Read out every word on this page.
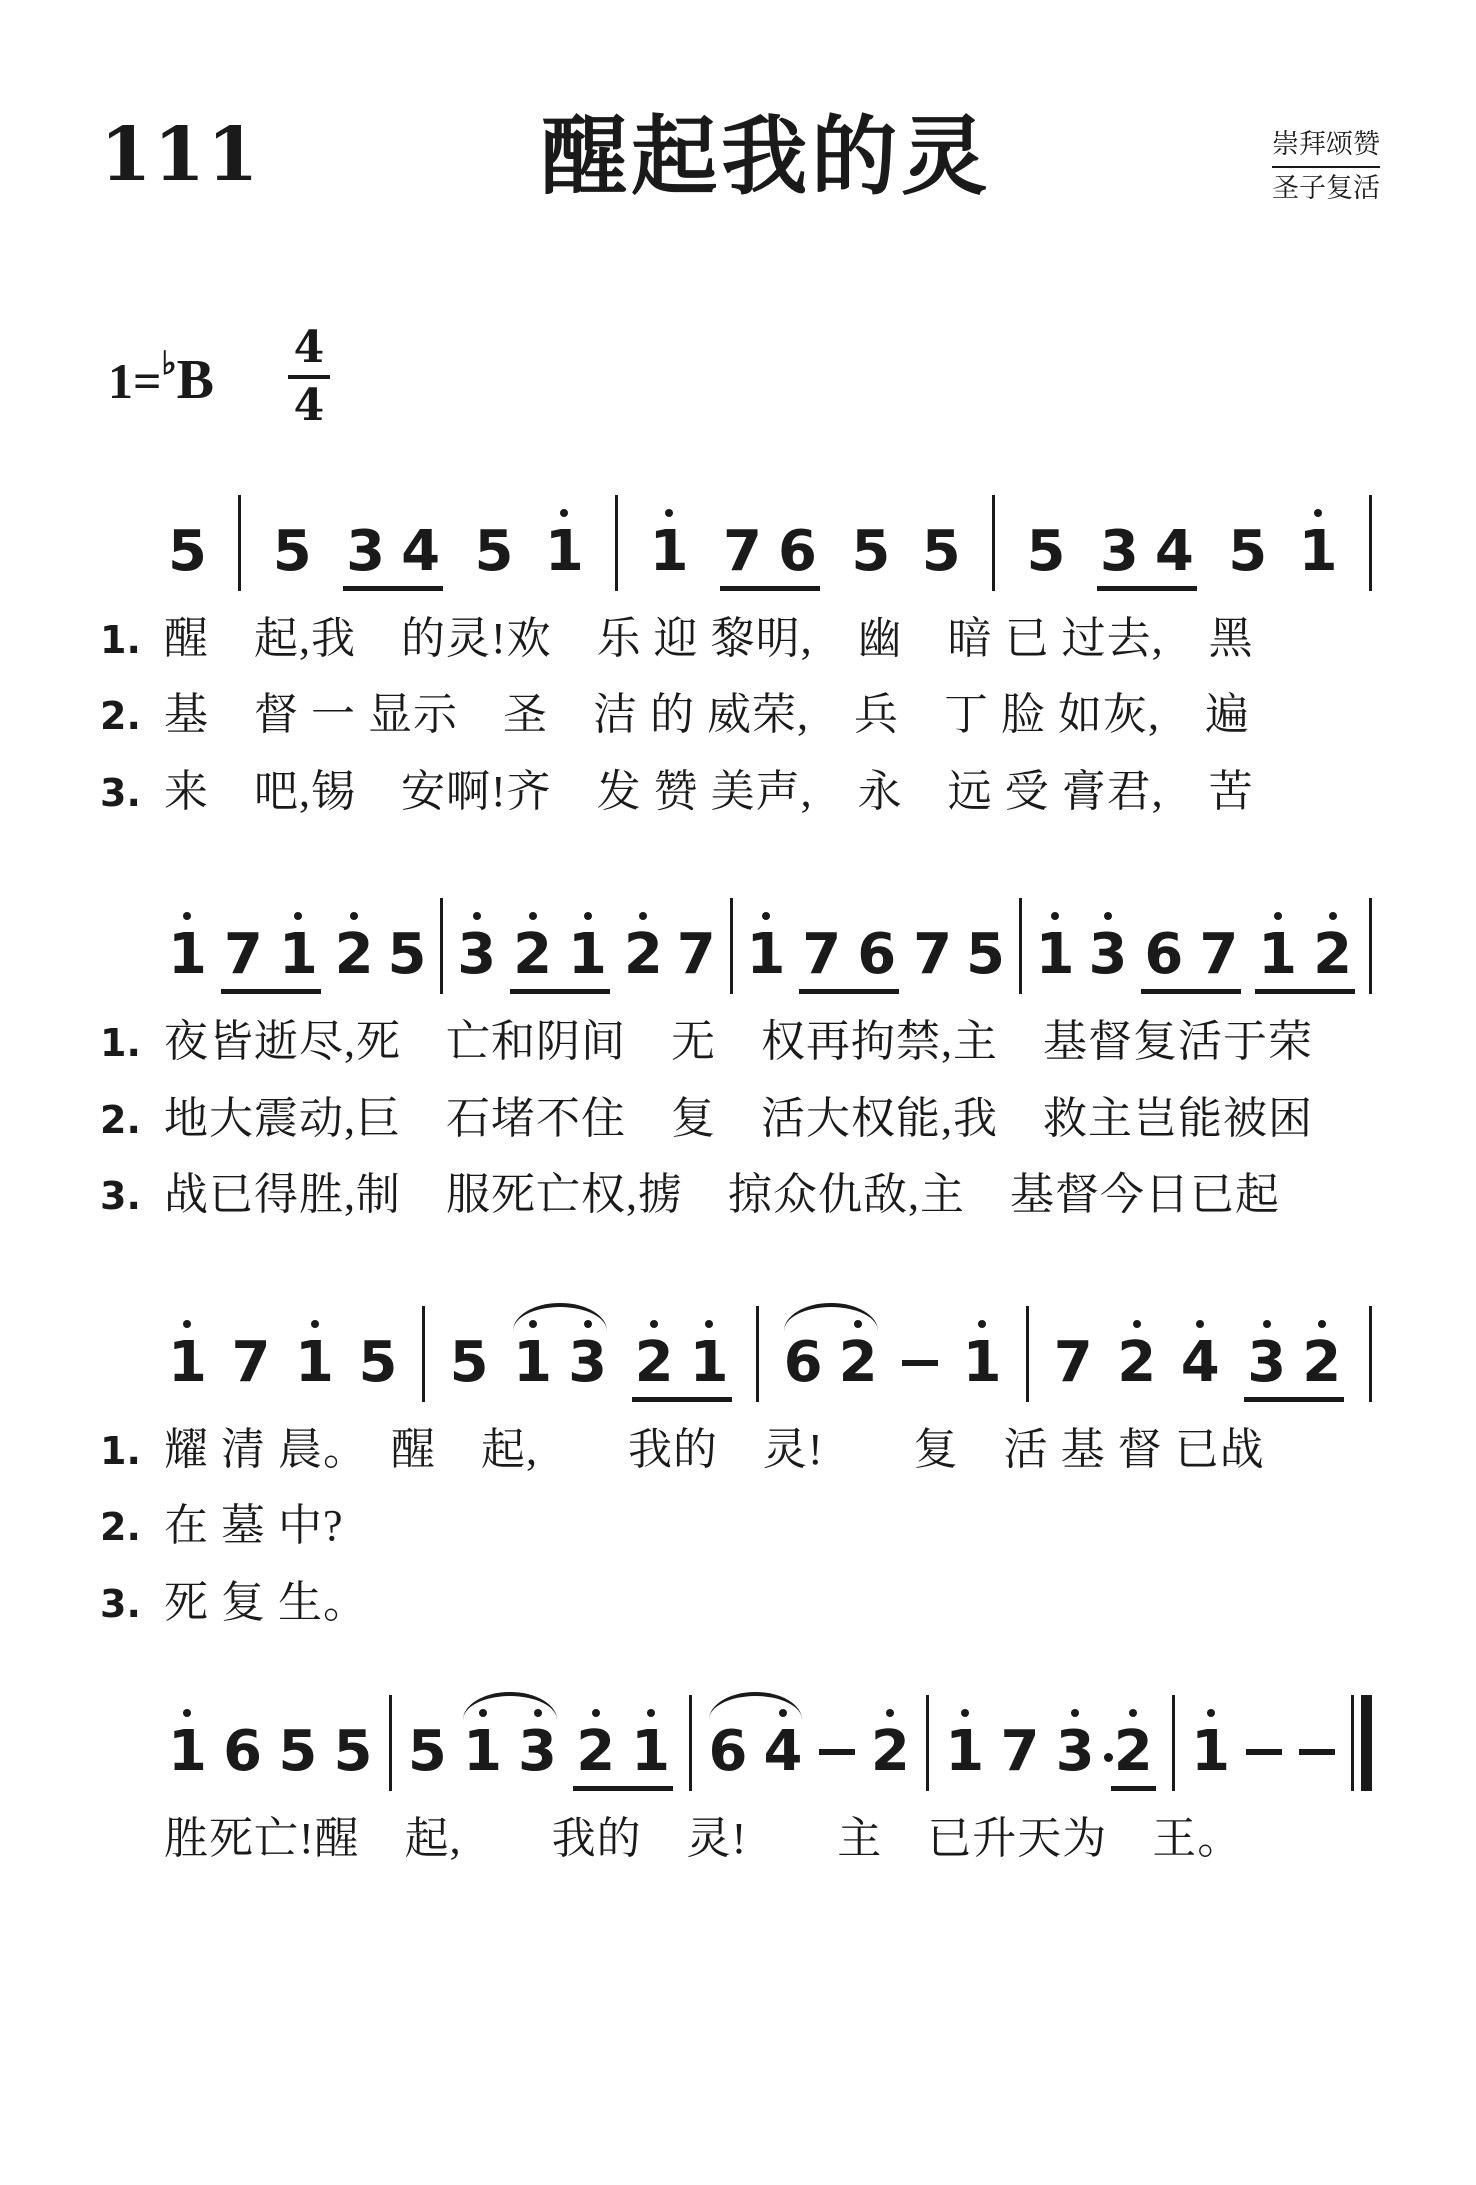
111	醒起我的灵	崇拜颂赞
圣子复活
1=♭B
4
4
5 5 3 4 5 1 1 7 6 5 5 5 3 4 5 1
1. 醒　起,我　的灵!欢　乐 迎 黎明,　幽　暗 已 过去,　黑
2. 基　督 一 显示　圣　洁 的 威荣,　兵　丁 脸 如灰,　遍
3. 来　吧,锡　安啊!齐　发 赞 美声,　永　远 受 膏君,　苦
1 7 1 2 5 3 2 1 2 7 1 7 6 7 5 1 3 6 7 1 2
1. 夜皆逝尽,死　亡和阴间　无　权再拘禁,主　基督复活于荣
2. 地大震动,巨　石堵不住　复　活大权能,我　救主岂能被困
3. 战已得胜,制　服死亡权,掳　掠众仇敌,主　基督今日已起
1 7 1 5 5 1 3 2 1 6 2 1 7 2 4 3 2
1. 耀 清 晨。　醒　起,　　我的　灵!　　复　活 基 督 已战
2. 在 墓 中?
3. 死 复 生。
1 6 5 5 5 1 3 2 1 6 4 2 1 7 3 2 1
胜死亡!醒　起,　　我的　灵!　　主　已升天为　王。
